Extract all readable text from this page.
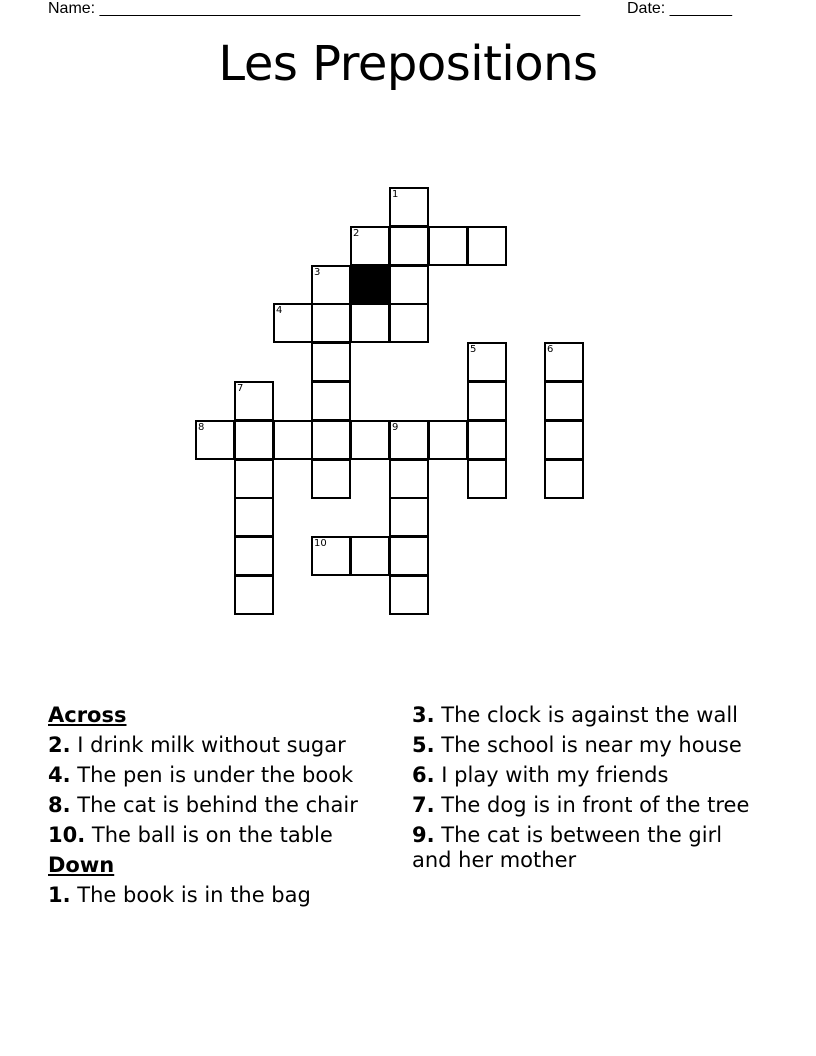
Name: ______________________________________________________	Date: _______
Les Prepositions
1
2
3
4
5	6
7
8	9
10
Across
2. I drink milk without sugar
4. The pen is under the book
8. The cat is behind the chair
10. The ball is on the table
Down
1. The book is in the bag
3. The clock is against the wall
5. The school is near my house
6. I play with my friends
7. The dog is in front of the tree
9. The cat is between the girl and her mother
